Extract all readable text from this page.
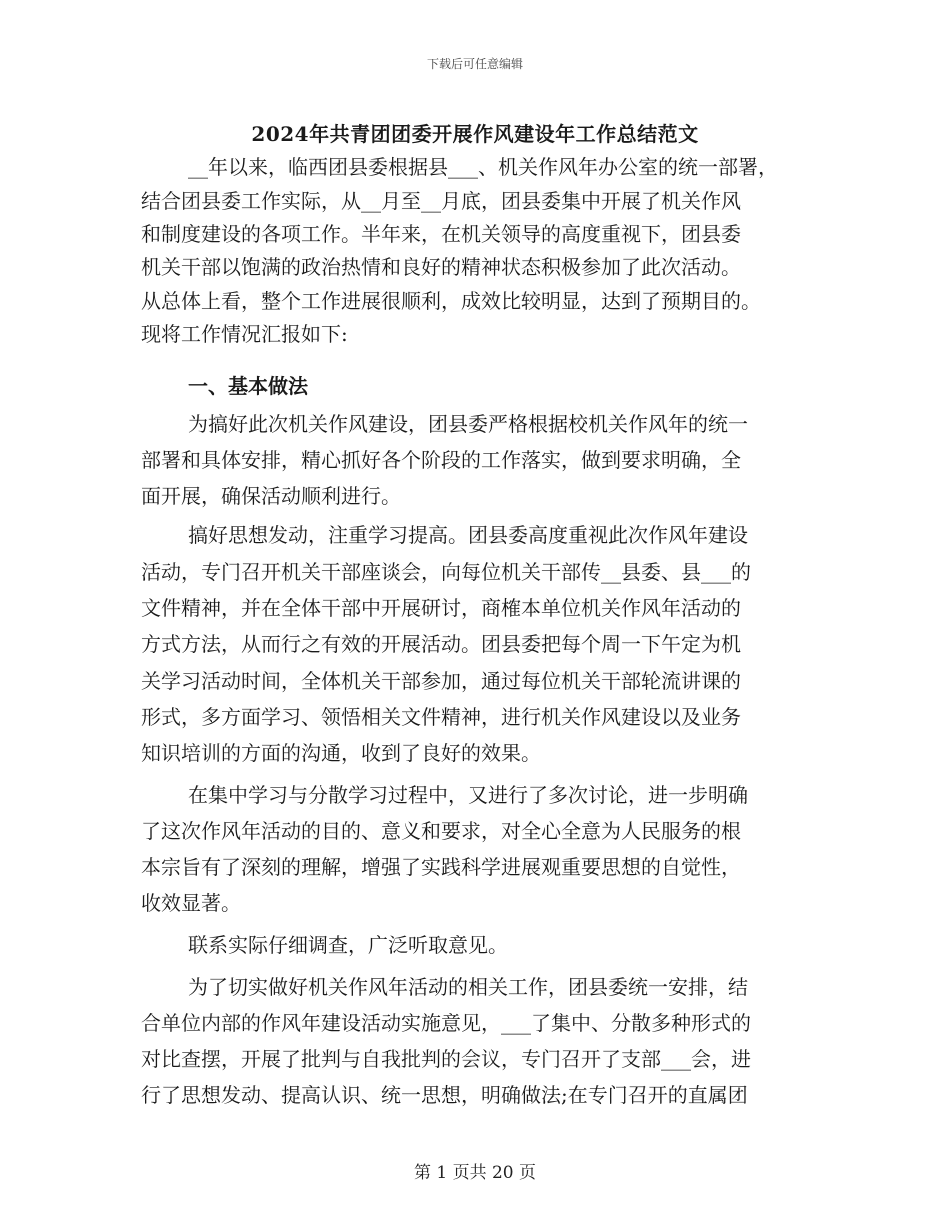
下载后可任意编辑
2024年共青团团委开展作风建设年工作总结范文
__年以来，临西团县委根据县___、机关作风年办公室的统一部署，
结合团县委工作实际，从__月至__月底，团县委集中开展了机关作风
和制度建设的各项工作。半年来，在机关领导的高度重视下，团县委
机关干部以饱满的政治热情和良好的精神状态积极参加了此次活动。
从总体上看，整个工作进展很顺利，成效比较明显，达到了预期目的。
现将工作情况汇报如下:
一、基本做法
为搞好此次机关作风建设，团县委严格根据校机关作风年的统一
部署和具体安排，精心抓好各个阶段的工作落实，做到要求明确，全
面开展，确保活动顺利进行。
搞好思想发动，注重学习提高。团县委高度重视此次作风年建设
活动，专门召开机关干部座谈会，向每位机关干部传__县委、县___的
文件精神，并在全体干部中开展研讨，商榷本单位机关作风年活动的
方式方法，从而行之有效的开展活动。团县委把每个周一下午定为机
关学习活动时间，全体机关干部参加，通过每位机关干部轮流讲课的
形式，多方面学习、领悟相关文件精神，进行机关作风建设以及业务
知识培训的方面的沟通，收到了良好的效果。
在集中学习与分散学习过程中，又进行了多次讨论，进一步明确
了这次作风年活动的目的、意义和要求，对全心全意为人民服务的根
本宗旨有了深刻的理解，增强了实践科学进展观重要思想的自觉性，
收效显著。
联系实际仔细调查，广泛听取意见。
为了切实做好机关作风年活动的相关工作，团县委统一安排，结
合单位内部的作风年建设活动实施意见，___了集中、分散多种形式的
对比查摆，开展了批判与自我批判的会议，专门召开了支部___会，进
行了思想发动、提高认识、统一思想，明确做法;在专门召开的直属团
第 1 页共 20 页
